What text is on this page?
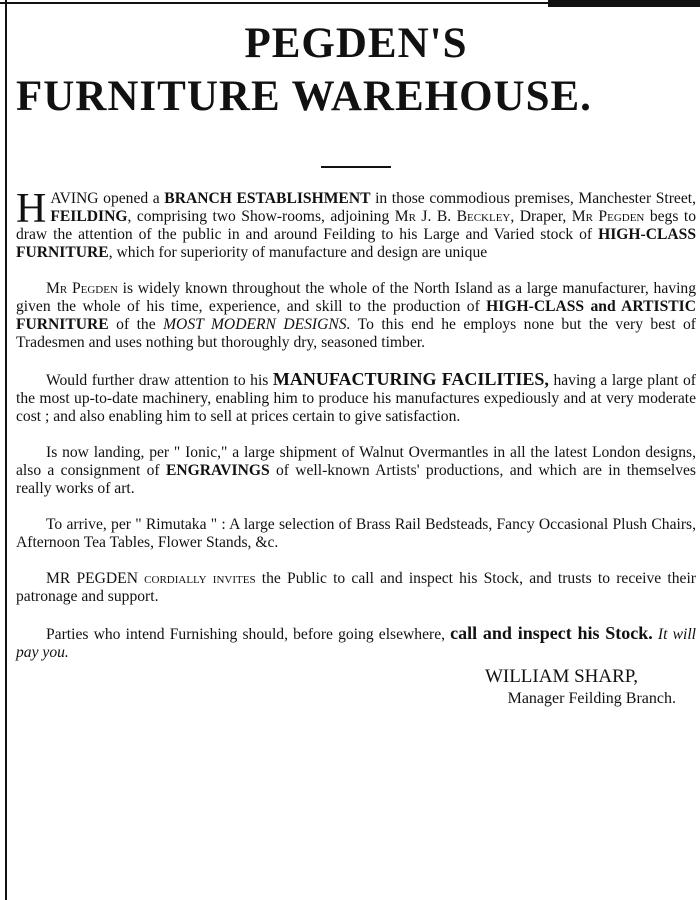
PEGDEN'S
FURNITURE WAREHOUSE.

HAVING opened a BRANCH ESTABLISHMENT in those commodious premises, Manchester Street, FEILDING, comprising two Show-rooms, adjoining Mr J. B. Beckley, Draper, Mr Pegden begs to draw the attention of the public in and around Feilding to his Large and Varied stock of HIGH-CLASS FURNITURE, which for superiority of manufacture and design are unique

Mr Pegden is widely known throughout the whole of the North Island as a large manufacturer, having given the whole of his time, experience, and skill to the production of HIGH-CLASS and ARTISTIC FURNITURE of the MOST MODERN DESIGNS. To this end he employs none but the very best of Tradesmen and uses nothing but thoroughly dry, seasoned timber.

Would further draw attention to his MANUFACTURING FACILITIES, having a large plant of the most up-to-date machinery, enabling him to produce his manufactures expediously and at very moderate cost ; and also enabling him to sell at prices certain to give satisfaction.

Is now landing, per " Ionic," a large shipment of Walnut Overmantles in all the latest London designs, also a consignment of ENGRAVINGS of well-known Artists' productions, and which are in themselves really works of art.

To arrive, per " Rimutaka " : A large selection of Brass Rail Bedsteads, Fancy Occasional Plush Chairs, Afternoon Tea Tables, Flower Stands, &c.

MR PEGDEN cordially invites the Public to call and inspect his Stock, and trusts to receive their patronage and support.

Parties who intend Furnishing should, before going elsewhere, call and inspect his Stock. It will pay you.

WILLIAM SHARP,
Manager Feilding Branch.
